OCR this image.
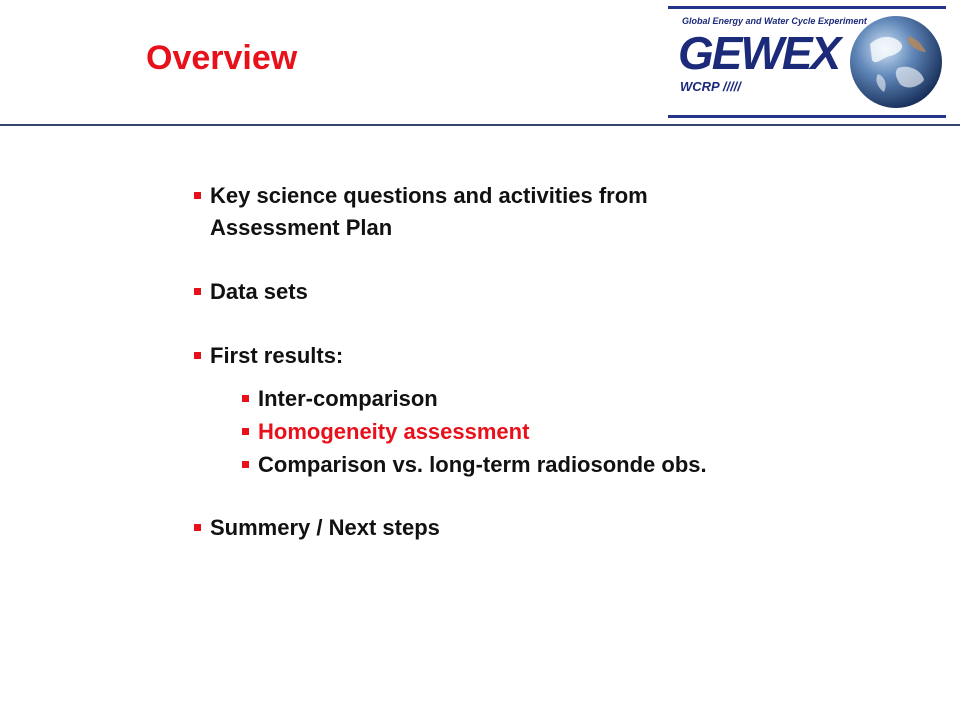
Overview
Global Energy and Water Cycle Experiment
GEWEX
WCRP /////
Key science questions and activities from
Assessment Plan
Data sets
First results:
Inter-comparison
Homogeneity assessment
Comparison vs. long-term radiosonde obs.
Summery / Next steps
